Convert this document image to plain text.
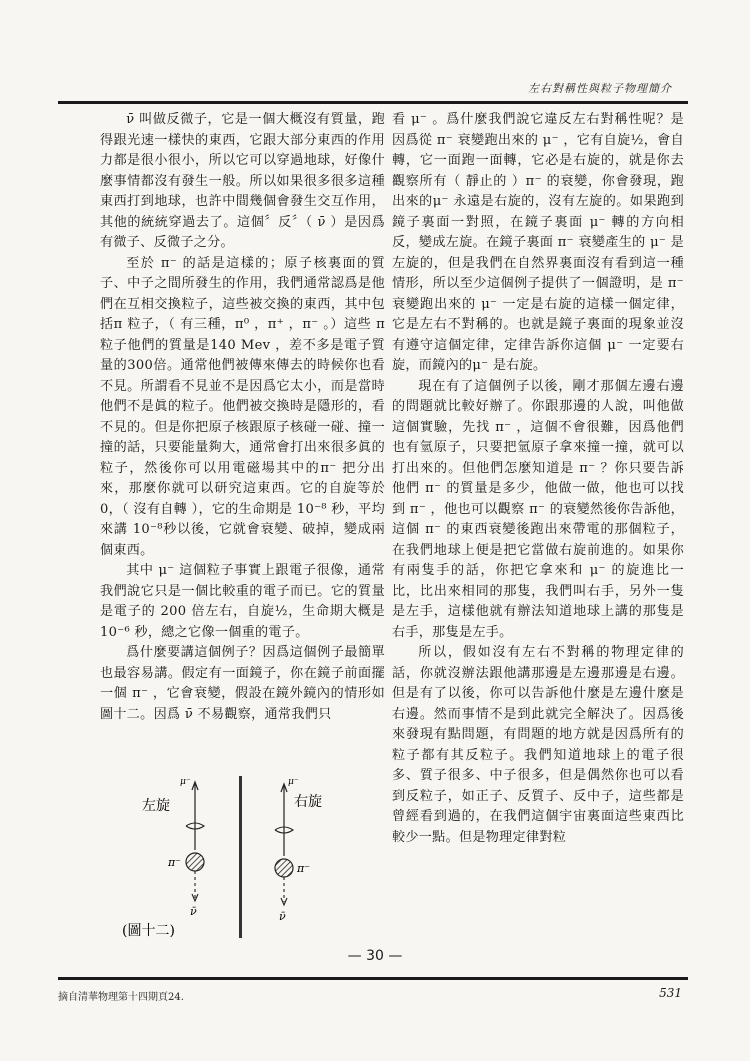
左右對稱性與粒子物理簡介

ν̄ 叫做反微子，它是一個大概沒有質量，跑得跟光速一樣快的東西，它跟大部分東西的作用力都是很小很小，所以它可以穿過地球，好像什麼事情都沒有發生一般。所以如果很多很多這種東西打到地球，也許中間幾個會發生交互作用，其他的統統穿過去了。這個〞反〞（ ν̄ ）是因爲有微子、反微子之分。

至於 π⁻ 的話是這樣的；原子核裏面的質子、中子之間所發生的作用，我們通常認爲是他們在互相交換粒子，這些被交換的東西，其中包括π 粒子，（ 有三種，π⁰ ，π⁺ ，π⁻ 。）這些 π 粒子他們的質量是140 Mev ，差不多是電子質量的300倍。通常他們被傳來傳去的時候你也看不見。所謂看不見並不是因爲它太小，而是當時他們不是眞的粒子。他們被交換時是隱形的，看不見的。但是你把原子核跟原子核碰一碰、撞一撞的話，只要能量夠大，通常會打出來很多眞的粒子，然後你可以用電磁場其中的π⁻ 把分出來，那麼你就可以研究這東西。它的自旋等於 0，（ 沒有自轉 ），它的生命期是 10⁻⁸ 秒，平均來講 10⁻⁸秒以後，它就會衰變、破掉，變成兩個東西。

其中 μ⁻ 這個粒子事實上跟電子很像，通常我們說它只是一個比較重的電子而已。它的質量是電子的 200 倍左右，自旋½，生命期大概是 10⁻⁶ 秒，總之它像一個重的電子。

爲什麼要講這個例子？因爲這個例子最簡單也最容易講。假定有一面鏡子，你在鏡子前面擺一個 π⁻ ，它會衰變，假設在鏡外鏡內的情形如圖十二。因爲 ν̄ 不易觀察，通常我們只

看 μ⁻ 。爲什麼我們說它違反左右對稱性呢？是因爲從 π⁻ 衰變跑出來的 μ⁻ ，它有自旋½，會自轉，它一面跑一面轉，它必是右旋的，就是你去觀察所有（ 靜止的 ）π⁻ 的衰變，你會發現，跑出來的μ⁻ 永遠是右旋的，沒有左旋的。如果跑到鏡子裏面一對照，在鏡子裏面 μ⁻ 轉的方向相反，變成左旋。在鏡子裏面 π⁻ 衰變產生的 μ⁻ 是左旋的，但是我們在自然界裏面沒有看到這一種情形，所以至少這個例子提供了一個證明，是 π⁻ 衰變跑出來的 μ⁻ 一定是右旋的這樣一個定律，它是左右不對稱的。也就是鏡子裏面的現象並沒有遵守這個定律，定律告訴你這個 μ⁻ 一定要右旋，而鏡內的μ⁻ 是右旋。

現在有了這個例子以後，剛才那個左邊右邊的問題就比較好辦了。你跟那邊的人說，叫他做這個實驗，先找 π⁻ ，這個不會很難，因爲他們也有氫原子，只要把氫原子拿來撞一撞，就可以打出來的。但他們怎麼知道是 π⁻ ？你只要告訴他們 π⁻ 的質量是多少，他做一做，他也可以找到 π⁻ ，他也可以觀察 π⁻ 的衰變然後你告訴他，這個 π⁻ 的東西衰變後跑出來帶電的那個粒子，在我們地球上便是把它當做右旋前進的。如果你有兩隻手的話，你把它拿來和 μ⁻ 的旋進比一比，比出來相同的那隻，我們叫右手，另外一隻是左手，這樣他就有辦法知道地球上講的那隻是右手，那隻是左手。

所以，假如沒有左右不對稱的物理定律的話，你就沒辦法跟他講那邊是左邊那邊是右邊。但是有了以後，你可以告訴他什麼是左邊什麼是右邊。然而事情不是到此就完全解決了。因爲後來發現有點問題，有問題的地方就是因爲所有的粒子都有其反粒子。我們知道地球上的電子很多、質子很多、中子很多，但是偶然你也可以看到反粒子，如正子、反質子、反中子，這些都是曾經看到過的，在我們這個宇宙裏面這些東西比較少一點。但是物理定律對粒

μ⁻
左旋
π⁻
ν̄
(圖十二)
μ⁻
右旋
π⁻
ν̄
— 30 —
摘自清華物理第十四期頁24.	531
